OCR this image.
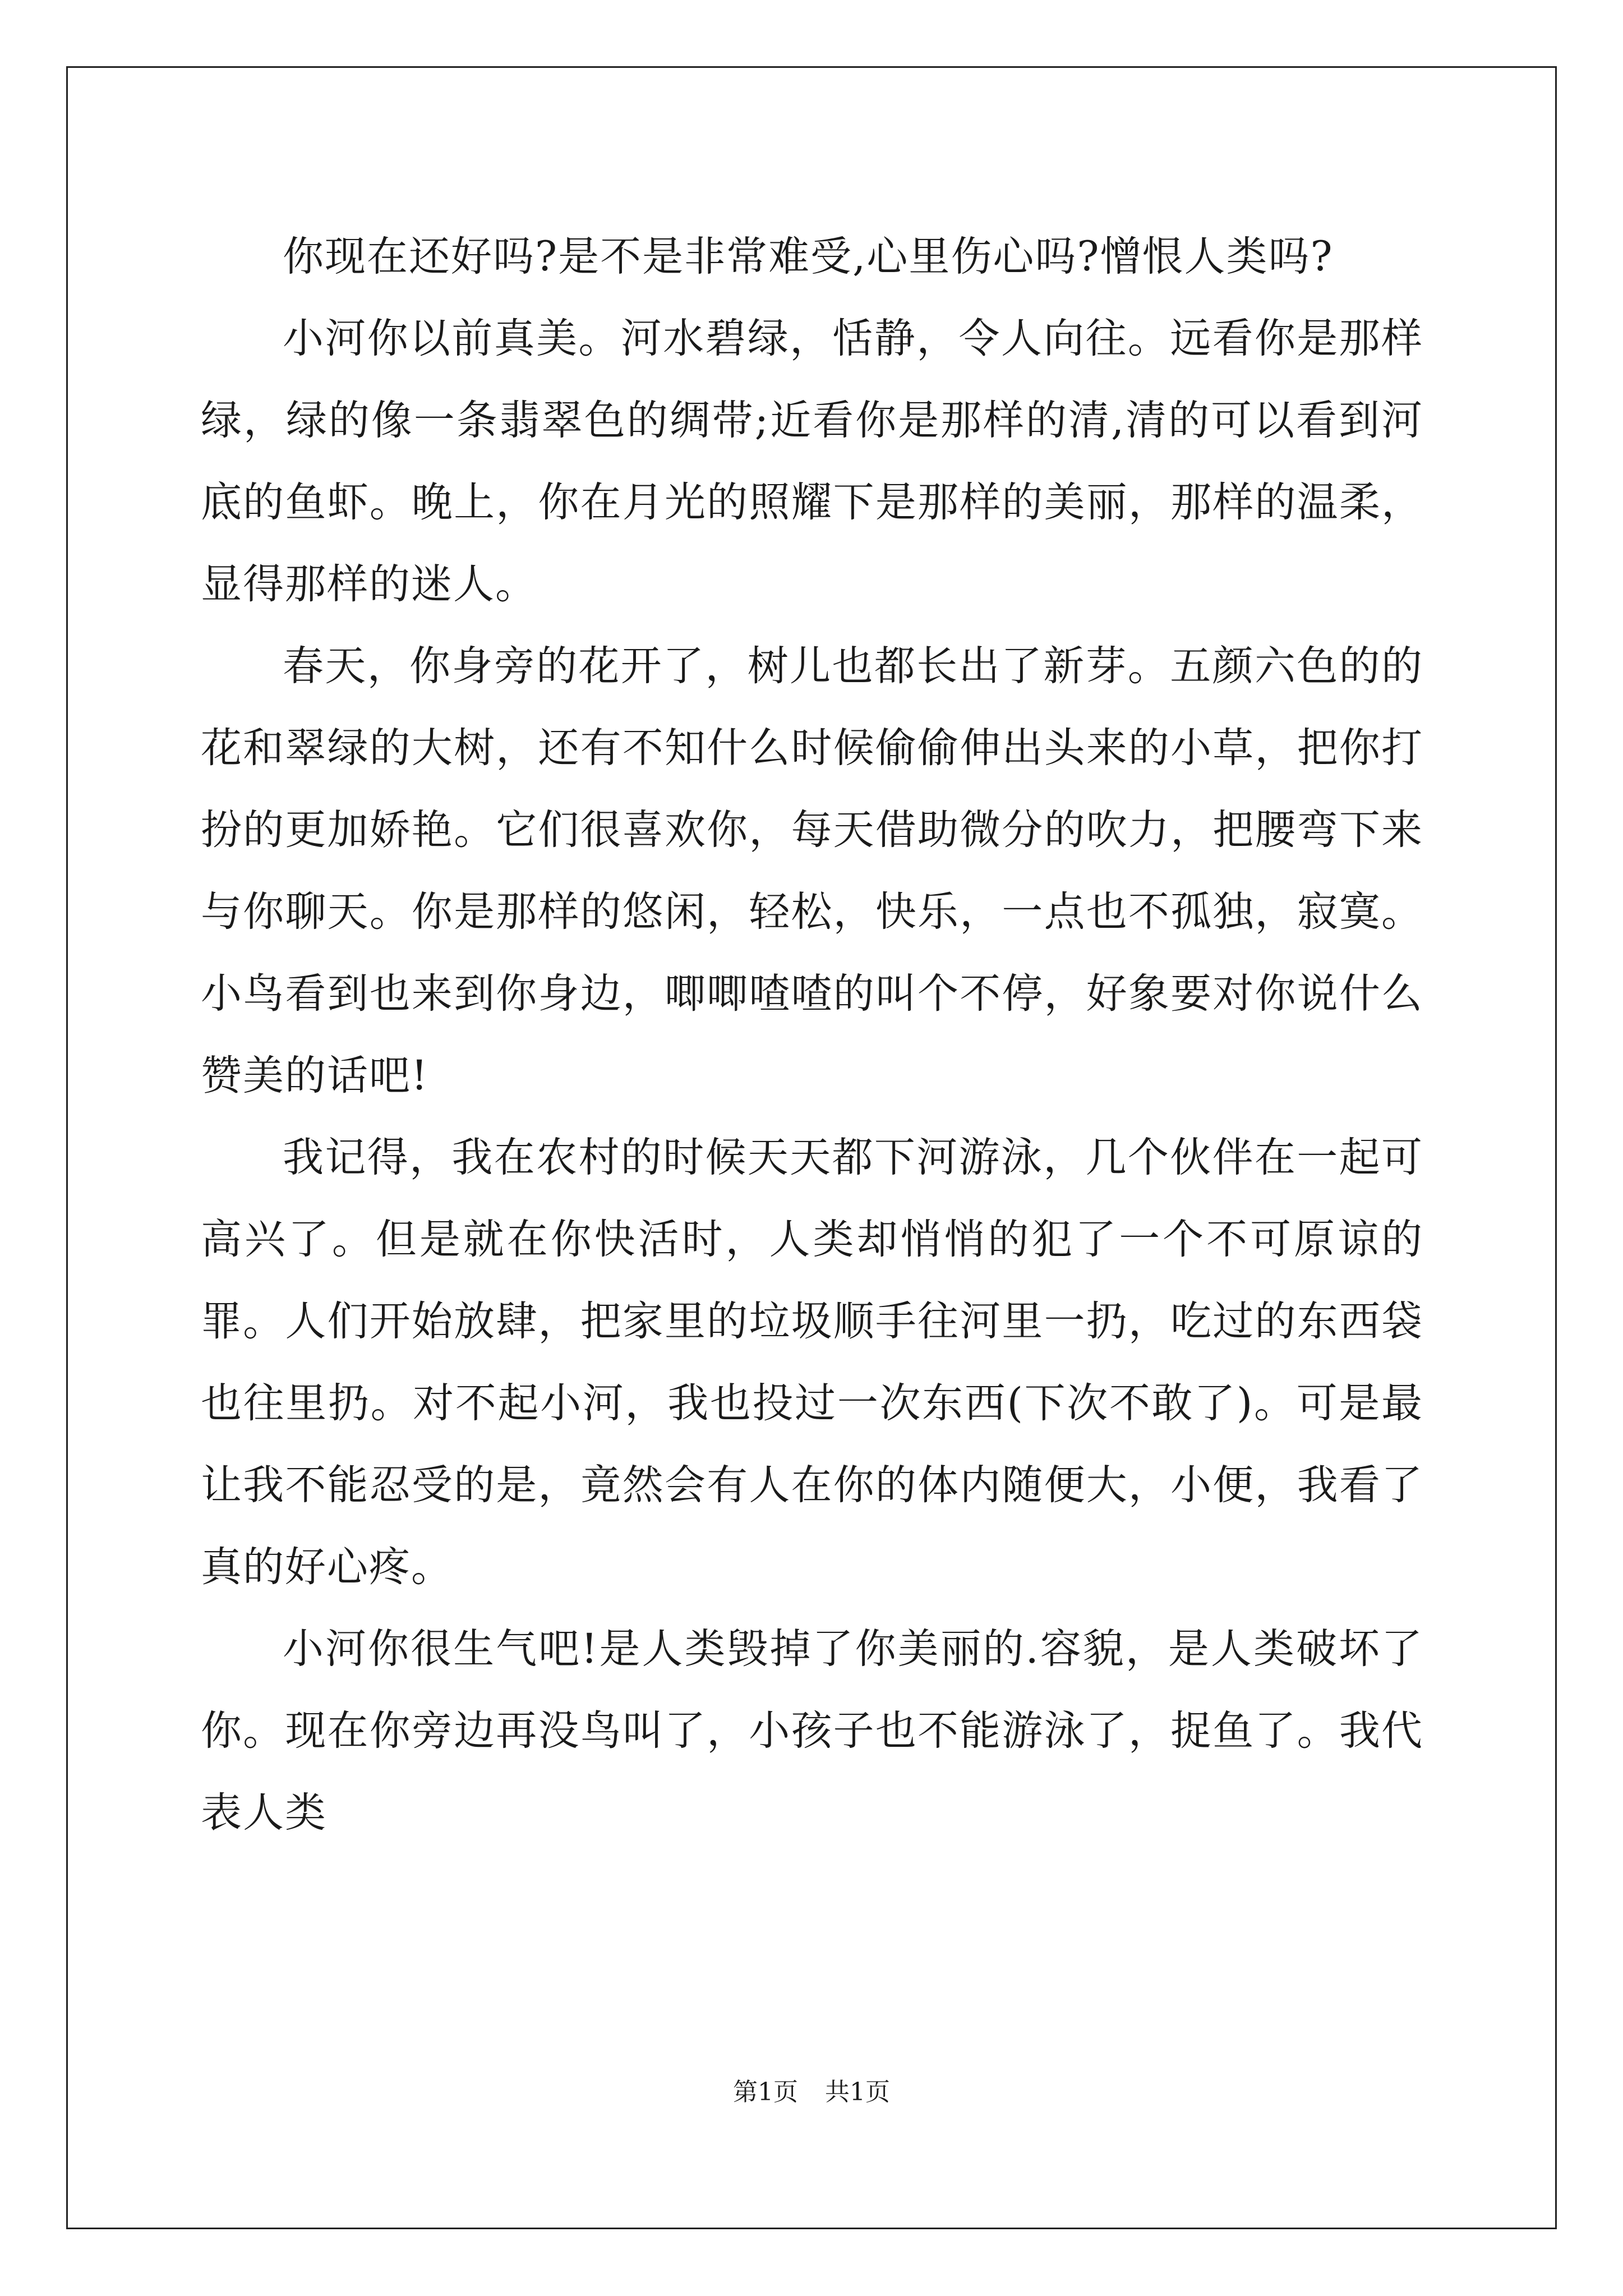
你现在还好吗?是不是非常难受,心里伤心吗?憎恨人类吗?

小河你以前真美。河水碧绿，恬静，令人向往。远看你是那样绿，绿的像一条翡翠色的绸带;近看你是那样的清,清的可以看到河底的鱼虾。晚上，你在月光的照耀下是那样的美丽，那样的温柔，显得那样的迷人。

春天，你身旁的花开了，树儿也都长出了新芽。五颜六色的的花和翠绿的大树，还有不知什么时候偷偷伸出头来的小草，把你打扮的更加娇艳。它们很喜欢你，每天借助微分的吹力，把腰弯下来与你聊天。你是那样的悠闲，轻松，快乐，一点也不孤独，寂寞。小鸟看到也来到你身边，唧唧喳喳的叫个不停，好象要对你说什么赞美的话吧!

我记得，我在农村的时候天天都下河游泳，几个伙伴在一起可高兴了。但是就在你快活时，人类却悄悄的犯了一个不可原谅的罪。人们开始放肆，把家里的垃圾顺手往河里一扔，吃过的东西袋也往里扔。对不起小河，我也投过一次东西(下次不敢了)。可是最让我不能忍受的是，竟然会有人在你的体内随便大，小便，我看了真的好心疼。

小河你很生气吧!是人类毁掉了你美丽的.容貌，是人类破坏了你。现在你旁边再没鸟叫了，小孩子也不能游泳了，捉鱼了。我代表人类

第1页 共1页
